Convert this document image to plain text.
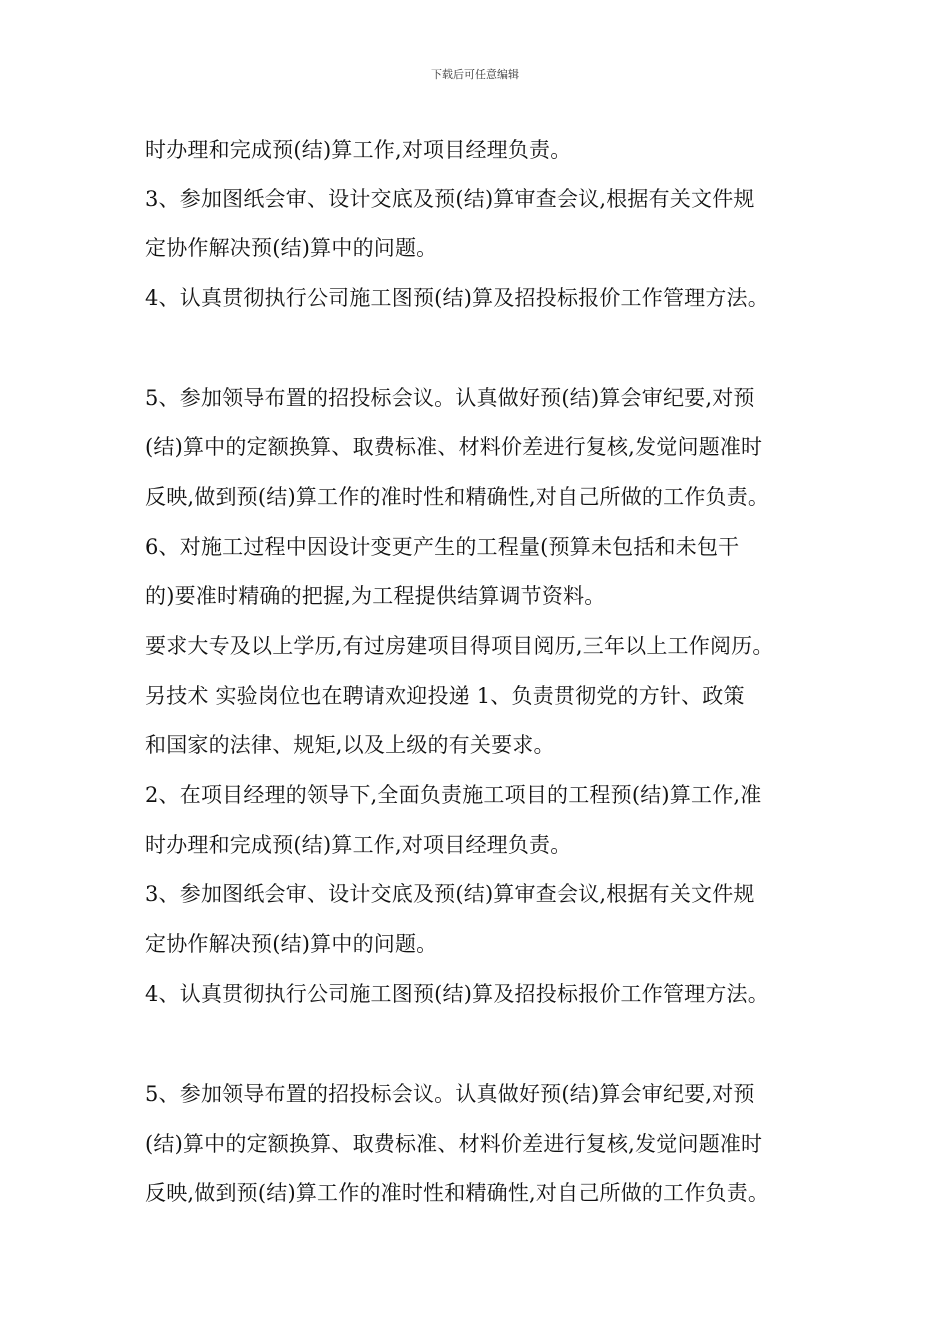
下载后可任意编辑
时办理和完成预(结)算工作,对项目经理负责。
3、参加图纸会审、设计交底及预(结)算审查会议,根据有关文件规
定协作解决预(结)算中的问题。
4、认真贯彻执行公司施工图预(结)算及招投标报价工作管理方法。
5、参加领导布置的招投标会议。认真做好预(结)算会审纪要,对预
(结)算中的定额换算、取费标准、材料价差进行复核,发觉问题准时
反映,做到预(结)算工作的准时性和精确性,对自己所做的工作负责。
6、对施工过程中因设计变更产生的工程量(预算未包括和未包干
的)要准时精确的把握,为工程提供结算调节资料。
要求大专及以上学历,有过房建项目得项目阅历,三年以上工作阅历。
另技术 实验岗位也在聘请欢迎投递 1、负责贯彻党的方针、政策
和国家的法律、规矩,以及上级的有关要求。
2、在项目经理的领导下,全面负责施工项目的工程预(结)算工作,准
时办理和完成预(结)算工作,对项目经理负责。
3、参加图纸会审、设计交底及预(结)算审查会议,根据有关文件规
定协作解决预(结)算中的问题。
4、认真贯彻执行公司施工图预(结)算及招投标报价工作管理方法。
5、参加领导布置的招投标会议。认真做好预(结)算会审纪要,对预
(结)算中的定额换算、取费标准、材料价差进行复核,发觉问题准时
反映,做到预(结)算工作的准时性和精确性,对自己所做的工作负责。
